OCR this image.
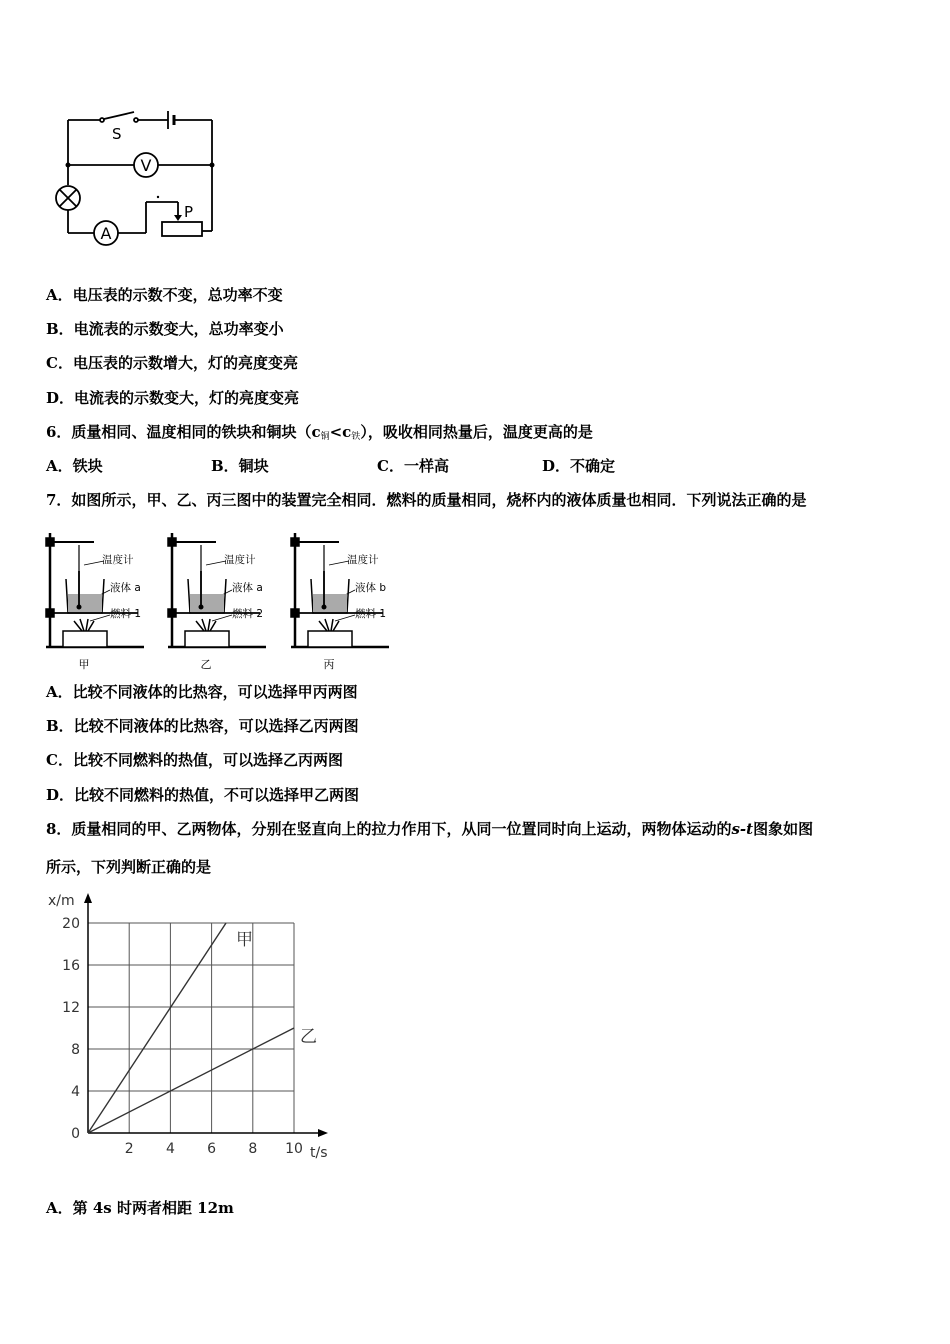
S
V
A
P
A．电压表的示数不变，总功率不变
B．电流表的示数变大，总功率变小
C．电压表的示数增大，灯的亮度变亮
D．电流表的示数变大，灯的亮度变亮
6．质量相同、温度相同的铁块和铜块$(c_铜<c_铁)$，吸收相同热量后，温度更高的是
A．铁块	B．铜块	C．一样高	D．不确定
7．如图所示，甲、乙、丙三图中的装置完全相同．燃料的质量相同，烧杯内的液体质量也相同．下列说法正确的是
温度计
液体 a
燃料 1
甲
温度计
液体 a
燃料 2
乙
温度计
液体 b
燃料 1
丙
A．比较不同液体的比热容，可以选择甲丙两图
B．比较不同液体的比热容，可以选择乙丙两图
C．比较不同燃料的热值，可以选择乙丙两图
D．比较不同燃料的热值，不可以选择甲乙两图
8．质量相同的甲、乙两物体，分别在竖直向上的拉力作用下，从同一位置同时向上运动，两物体运动的s-t图象如图
所示，下列判断正确的是
2 4 6 8 10
0
4
8
12
16
20
t/s
x/m
甲
乙
A．第 4s 时两者相距 12m
